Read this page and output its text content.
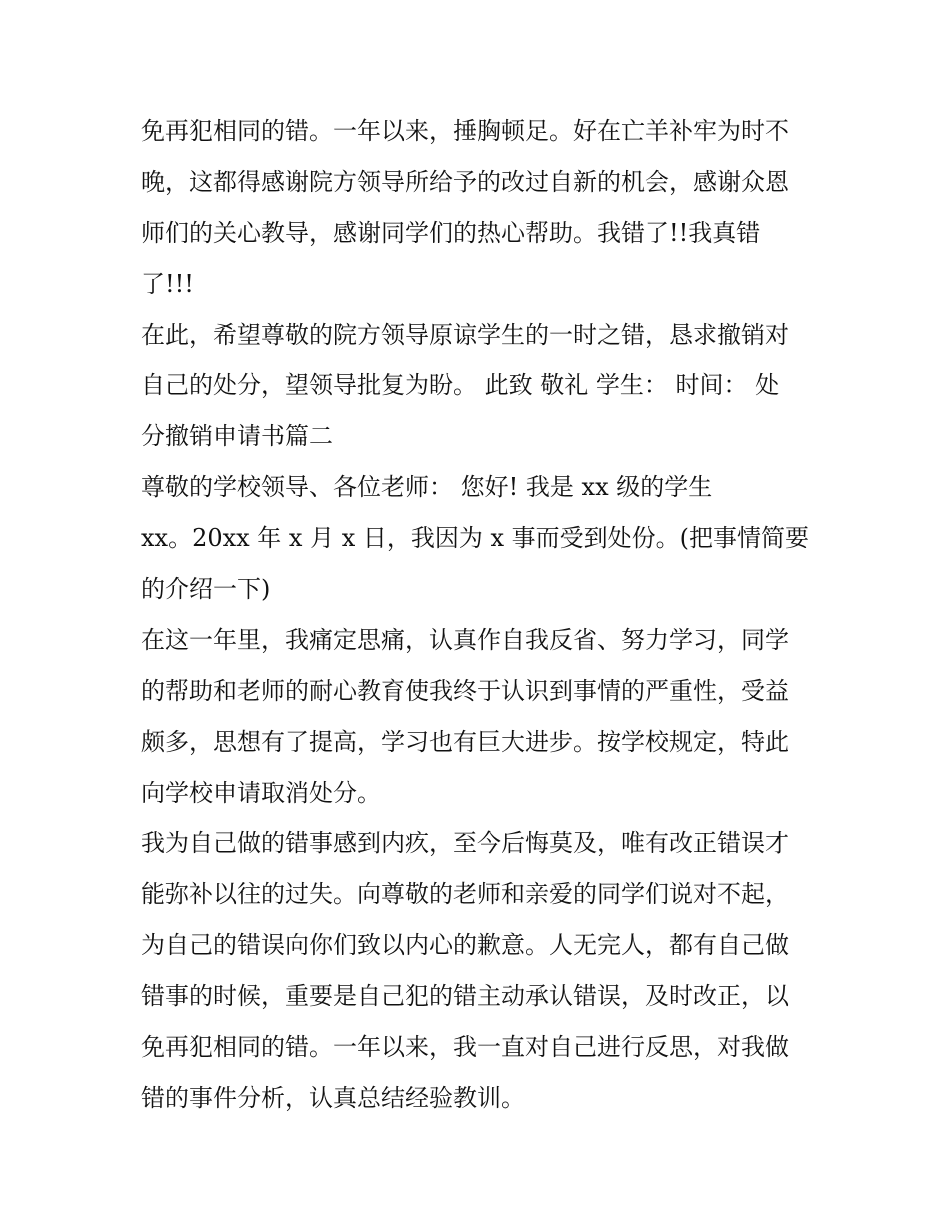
免再犯相同的错。一年以来，捶胸顿足。好在亡羊补牢为时不
晚，这都得感谢院方领导所给予的改过自新的机会，感谢众恩
师们的关心教导，感谢同学们的热心帮助。我错了!!我真错
了!!!
在此，希望尊敬的院方领导原谅学生的一时之错，恳求撤销对
自己的处分，望领导批复为盼。 此致 敬礼 学生： 时间： 处
分撤销申请书篇二
尊敬的学校领导、各位老师： 您好! 我是 xx 级的学生
xx。20xx 年 x 月 x 日，我因为 x 事而受到处份。(把事情简要
的介绍一下)
在这一年里，我痛定思痛，认真作自我反省、努力学习，同学
的帮助和老师的耐心教育使我终于认识到事情的严重性，受益
颇多，思想有了提高，学习也有巨大进步。按学校规定，特此
向学校申请取消处分。
我为自己做的错事感到内疚，至今后悔莫及，唯有改正错误才
能弥补以往的过失。向尊敬的老师和亲爱的同学们说对不起，
为自己的错误向你们致以内心的歉意。人无完人，都有自己做
错事的时候，重要是自己犯的错主动承认错误，及时改正，以
免再犯相同的错。一年以来，我一直对自己进行反思，对我做
错的事件分析，认真总结经验教训。
